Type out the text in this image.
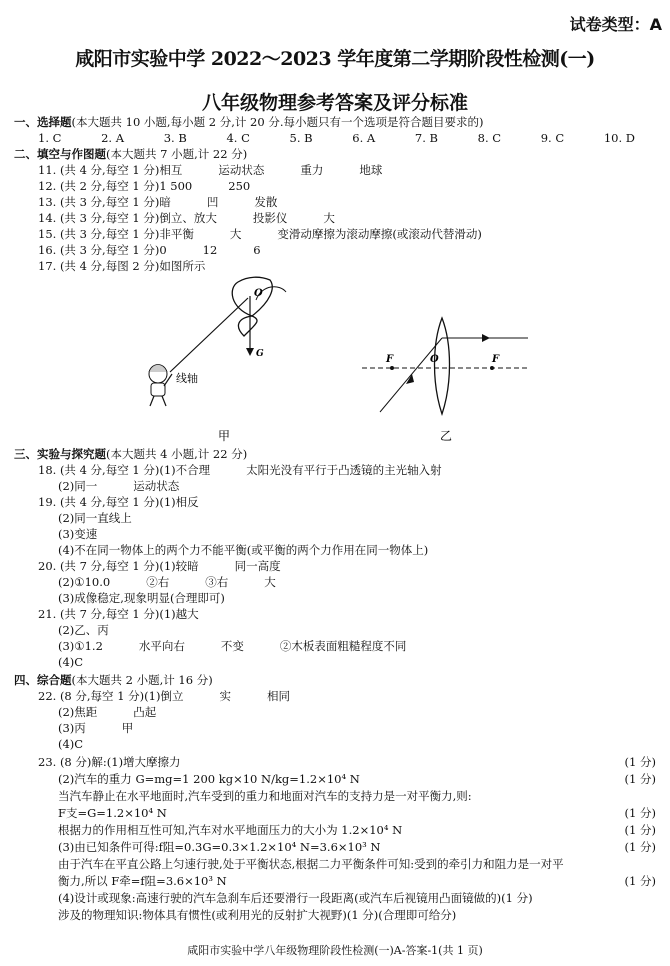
试卷类型：A
咸阳市实验中学 2022～2023 学年度第二学期阶段性检测(一)
八年级物理参考答案及评分标准
一、选择题(本大题共 10 小题,每小题 2 分,计 20 分.每小题只有一个选项是符合题目要求的)
1. C	2. A	3. B	4. C	5. B	6. A	7. B	8. C	9. C	10. D
二、填空与作图题(本大题共 7 小题,计 22 分)
11. (共 4 分,每空 1 分)相互	运动状态	重力	地球
12. (共 2 分,每空 1 分)1 500	250
13. (共 3 分,每空 1 分)暗	凹	发散
14. (共 3 分,每空 1 分)倒立、放大	投影仪	大
15. (共 3 分,每空 1 分)非平衡	大	变滑动摩擦为滚动摩擦(或滚动代替滑动)
16. (共 3 分,每空 1 分)0	12	6
17. (共 4 分,每图 2 分)如图所示
O
G
线轴
甲
F	O	F
乙
三、实验与探究题(本大题共 4 小题,计 22 分)
18. (共 4 分,每空 1 分)(1)不合理	太阳光没有平行于凸透镜的主光轴入射
(2)同一	运动状态
19. (共 4 分,每空 1 分)(1)相反
(2)同一直线上
(3)变速
(4)不在同一物体上的两个力不能平衡(或平衡的两个力作用在同一物体上)
20. (共 7 分,每空 1 分)(1)较暗	同一高度
(2)①10.0	②右	③右	大
(3)成像稳定,现象明显(合理即可)
21. (共 7 分,每空 1 分)(1)越大
(2)乙、丙
(3)①1.2	水平向右	不变	②木板表面粗糙程度不同
(4)C
四、综合题(本大题共 2 小题,计 16 分)
22. (8 分,每空 1 分)(1)倒立	实	相同
(2)焦距	凸起
(3)丙	甲
(4)C
23. (8 分)解:(1)增大摩擦力	(1 分)
(2)汽车的重力 G=mg=1 200 kg×10 N/kg=1.2×10⁴ N	(1 分)
当汽车静止在水平地面时,汽车受到的重力和地面对汽车的支持力是一对平衡力,则:
F支=G=1.2×10⁴ N	(1 分)
根据力的作用相互性可知,汽车对水平地面压力的大小为 1.2×10⁴ N	(1 分)
(3)由已知条件可得:f阻=0.3G=0.3×1.2×10⁴ N=3.6×10³ N	(1 分)
由于汽车在平直公路上匀速行驶,处于平衡状态,根据二力平衡条件可知:受到的牵引力和阻力是一对平
衡力,所以 F牵=f阻=3.6×10³ N	(1 分)
(4)设计或现象:高速行驶的汽车急刹车后还要滑行一段距离(或汽车后视镜用凸面镜做的)(1 分)
涉及的物理知识:物体具有惯性(或利用光的反射扩大视野)(1 分)(合理即可给分)
咸阳市实验中学八年级物理阶段性检测(一)A-答案-1(共 1 页)
